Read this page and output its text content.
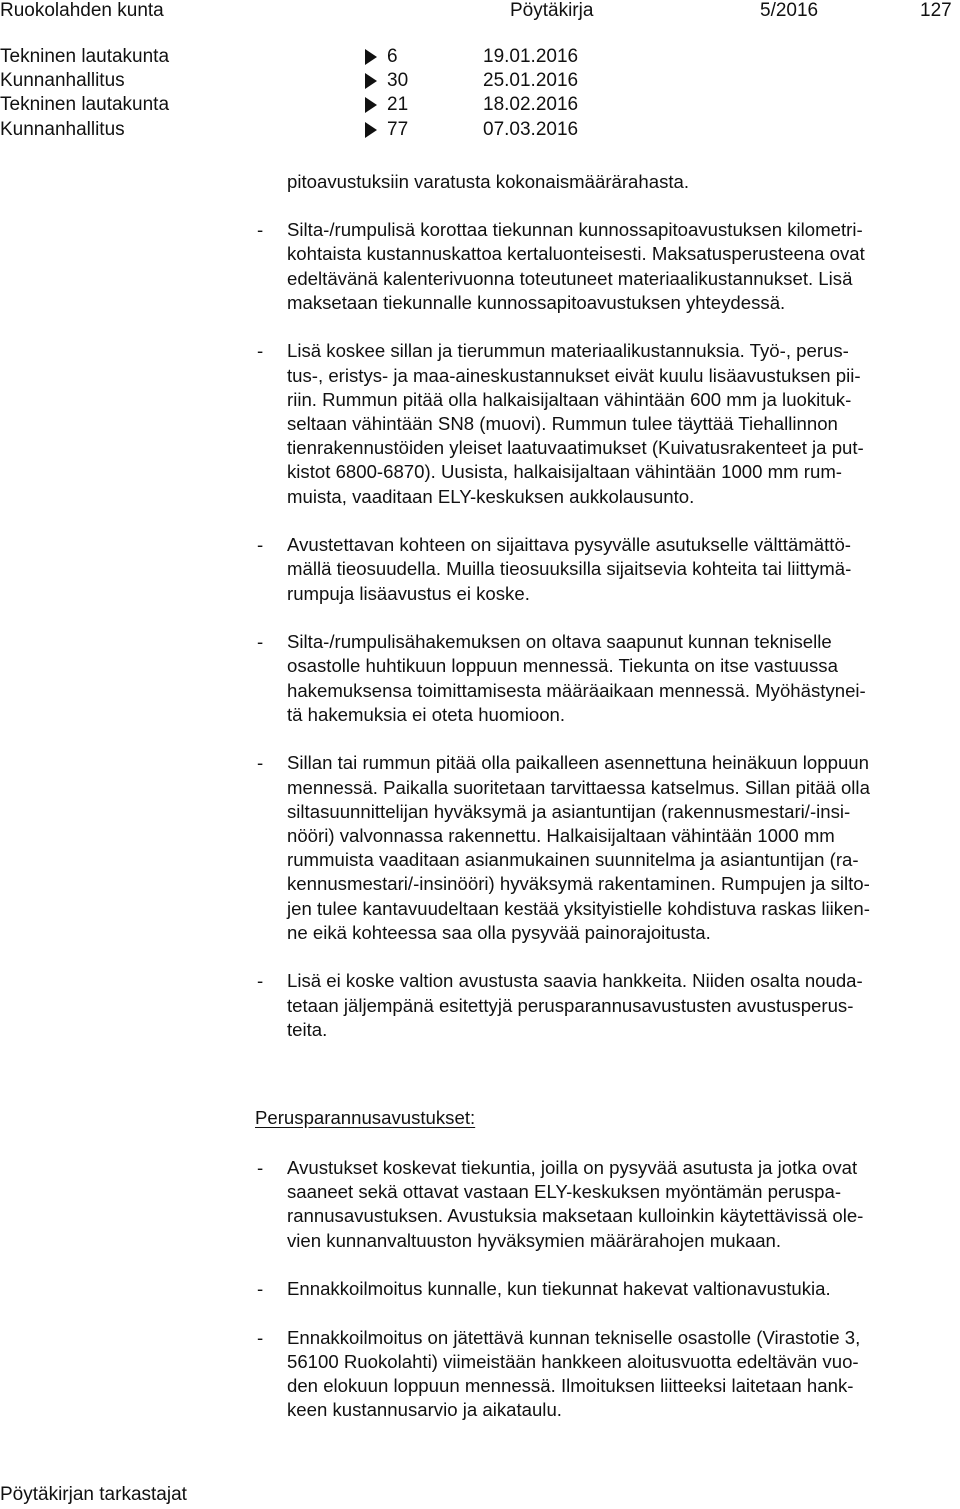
Ruokolahden kunta	Pöytäkirja	5/2016	127
Tekninen lautakunta	6	19.01.2016
Kunnanhallitus	30	25.01.2016
Tekninen lautakunta	21	18.02.2016
Kunnanhallitus	77	07.03.2016

pitoavustuksiin varatusta kokonaismäärärahasta.

- Silta-/rumpulisä korottaa tiekunnan kunnossapitoavustuksen kilometri-
kohtaista kustannuskattoa kertaluonteisesti. Maksatusperusteena ovat
edeltävänä kalenterivuonna toteutuneet materiaalikustannukset. Lisä
maksetaan tiekunnalle kunnossapitoavustuksen yhteydessä.
- Lisä koskee sillan ja tierummun materiaalikustannuksia. Työ-, perus-
tus-, eristys- ja maa-aineskustannukset eivät kuulu lisäavustuksen pii-
riin. Rummun pitää olla halkaisijaltaan vähintään 600 mm ja luokituk-
seltaan vähintään SN8 (muovi). Rummun tulee täyttää Tiehallinnon
tienrakennustöiden yleiset laatuvaatimukset (Kuivatusrakenteet ja put-
kistot 6800-6870). Uusista, halkaisijaltaan vähintään 1000 mm rum-
muista, vaaditaan ELY-keskuksen aukkolausunto.
- Avustettavan kohteen on sijaittava pysyvälle asutukselle välttämättö-
mällä tieosuudella. Muilla tieosuuksilla sijaitsevia kohteita tai liittymä-
rumpuja lisäavustus ei koske.
- Silta-/rumpulisähakemuksen on oltava saapunut kunnan tekniselle
osastolle huhtikuun loppuun mennessä. Tiekunta on itse vastuussa
hakemuksensa toimittamisesta määräaikaan mennessä. Myöhästynei-
tä hakemuksia ei oteta huomioon.
- Sillan tai rummun pitää olla paikalleen asennettuna heinäkuun loppuun
mennessä. Paikalla suoritetaan tarvittaessa katselmus. Sillan pitää olla
siltasuunnittelijan hyväksymä ja asiantuntijan (rakennusmestari/-insi-
nööri) valvonnassa rakennettu. Halkaisijaltaan vähintään 1000 mm
rummuista vaaditaan asianmukainen suunnitelma ja asiantuntijan (ra-
kennusmestari/-insinööri) hyväksymä rakentaminen. Rumpujen ja silto-
jen tulee kantavuudeltaan kestää yksityistielle kohdistuva raskas liiken-
ne eikä kohteessa saa olla pysyvää painorajoitusta.
- Lisä ei koske valtion avustusta saavia hankkeita. Niiden osalta nouda-
tetaan jäljempänä esitettyjä perusparannusavustusten avustusperus-
teita.
Perusparannusavustukset:
- Avustukset koskevat tiekuntia, joilla on pysyvää asutusta ja jotka ovat
saaneet sekä ottavat vastaan ELY-keskuksen myöntämän peruspa-
rannusavustuksen. Avustuksia maksetaan kulloinkin käytettävissä ole-
vien kunnanvaltuuston hyväksymien määrärahojen mukaan.
- Ennakkoilmoitus kunnalle, kun tiekunnat hakevat valtionavustukia.
- Ennakkoilmoitus on jätettävä kunnan tekniselle osastolle (Virastotie 3,
56100 Ruokolahti) viimeistään hankkeen aloitusvuotta edeltävän vuo-
den elokuun loppuun mennessä. Ilmoituksen liitteeksi laitetaan hank-
keen kustannusarvio ja aikataulu.
Pöytäkirjan tarkastajat
